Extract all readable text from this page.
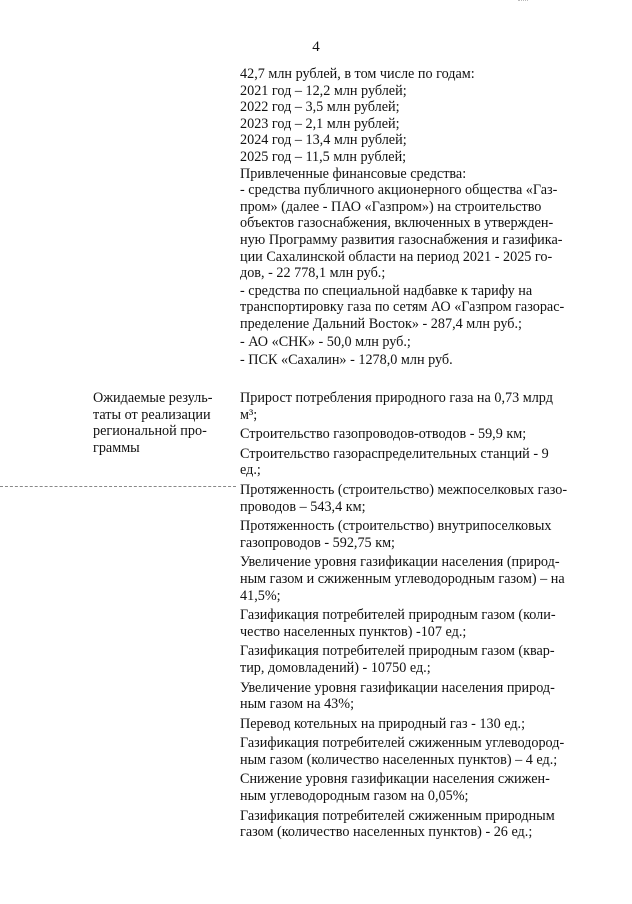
4
42,7 млн рублей, в том числе по годам:
2021 год – 12,2 млн рублей;
2022 год – 3,5 млн рублей;
2023 год – 2,1 млн рублей;
2024 год – 13,4 млн рублей;
2025 год – 11,5 млн рублей;
Привлеченные финансовые средства:
- средства публичного акционерного общества «Газ-
пром» (далее - ПАО «Газпром») на строительство
объектов газоснабжения, включенных в утвержден-
ную Программу развития газоснабжения и газифика-
ции Сахалинской области на период 2021 - 2025 го-
дов, - 22 778,1 млн руб.;
- средства по специальной надбавке к тарифу на
транспортировку газа по сетям АО «Газпром газорас-
пределение Дальний Восток» - 287,4 млн руб.;
- АО «СНК» - 50,0 млн руб.;
- ПСК «Сахалин» - 1278,0 млн руб.
Ожидаемые резуль-
таты от реализации
региональной про-
граммы
Прирост потребления природного газа на 0,73 млрд
м³;
Строительство газопроводов-отводов - 59,9 км;
Строительство газораспределительных станций - 9
ед.;
Протяженность (строительство) межпоселковых газо-
проводов – 543,4 км;
Протяженность (строительство) внутрипоселковых
газопроводов - 592,75 км;
Увеличение уровня газификации населения (природ-
ным газом и сжиженным углеводородным газом) – на
41,5%;
Газификация потребителей природным газом (коли-
чество населенных пунктов) -107 ед.;
Газификация потребителей природным газом (квар-
тир, домовладений) - 10750 ед.;
Увеличение уровня газификации населения природ-
ным газом на 43%;
Перевод котельных на природный газ - 130 ед.;
Газификация потребителей сжиженным углеводород-
ным газом (количество населенных пунктов) – 4 ед.;
Снижение уровня газификации населения сжижен-
ным углеводородным газом на 0,05%;
Газификация потребителей сжиженным природным
газом (количество населенных пунктов) - 26 ед.;
